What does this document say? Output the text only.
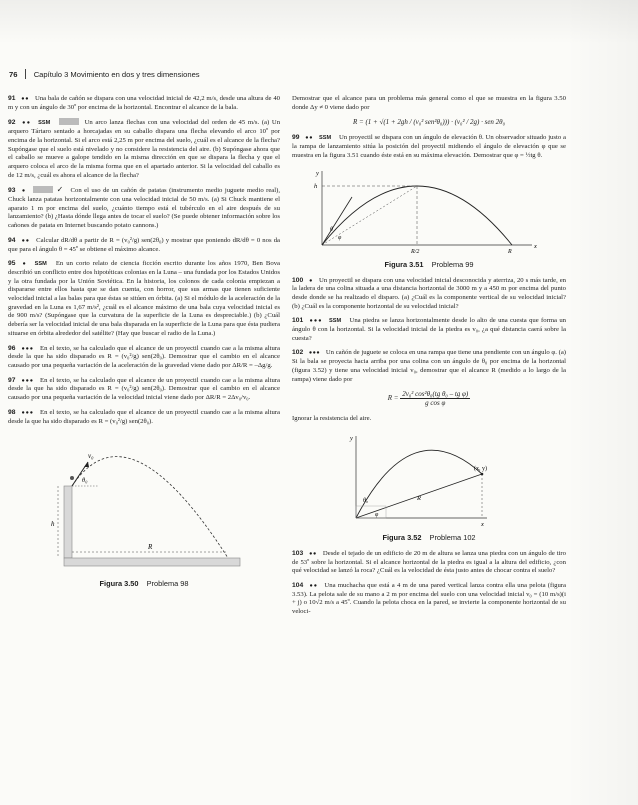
76 Capítulo 3 Movimiento en dos y tres dimensiones

91 ●● Una bala de cañón se dispara con una velocidad inicial de 42,2 m/s, desde una altura de 40 m y con un ángulo de 30º por encima de la horizontal. Encontrar el alcance de la bala.

92 ●● SSM	Un arco lanza flechas con una velocidad del orden de 45 m/s. (a) Un arquero Tártaro sentado a horcajadas en su caballo dispara una flecha elevando el arco 10º por encima de la horizontal. Si el arco está 2,25 m por encima del suelo, ¿cuál es el alcance de la flecha? Supóngase que el suelo está nivelado y no considere la resistencia del aire. (b) Supóngase ahora que el caballo se mueve a galope tendido en la misma dirección en que se dispara la flecha y que el arquero coloca el arco de la misma forma que en el apartado anterior. Si la velocidad del caballo es de 12 m/s, ¿cuál es ahora el alcance de la flecha?

93 ●	✓ Con el uso de un cañón de patatas (instrumento medio juguete medio real), Chuck lanza patatas horizontalmente con una velocidad inicial de 50 m/s. (a) Si Chuck mantiene el aparato 1 m por encima del suelo, ¿cuánto tiempo está el tubérculo en el aire después de su lanzamiento? (b) ¿Hasta dónde llega antes de tocar el suelo? (Se puede obtener información sobre los cañones de patata en Internet buscando potato cannons.)

94 ●● Calcular dR/dθ a partir de R = (v₀²/g) sen(2θ₀) y mostrar que poniendo dR/dθ = 0 nos da que para el ángulo θ = 45º se obtiene el máximo alcance.

95 ● SSM En un corto relato de ciencia ficción escrito durante los años 1970, Ben Bova describió un conflicto entre dos hipotéticas colonias en la Luna – una fundada por los Estados Unidos y la otra fundada por la Unión Soviética. En la historia, los colonos de cada colonia empiezan a dispararse entre ellos hasta que se dan cuenta, con horror, que sus armas que tienen suficiente velocidad inicial a las balas para que éstas se sitúen en órbita. (a) Si el módulo de la aceleración de la gravedad en la Luna es 1,67 m/s², ¿cuál es el alcance máximo de una bala cuya velocidad inicial es de 900 m/s? (Supóngase que la curvatura de la superficie de la Luna es despreciable.) (b) ¿Cuál debería ser la velocidad inicial de una bala disparada en la superficie de la Luna para que ésta pudiera situarse en órbita alrededor del satélite? (Hay que buscar el radio de la Luna.)

96 ●●● En el texto, se ha calculado que el alcance de un proyectil cuando cae a la misma altura desde la que ha sido disparado es R = (v₀²/g) sen(2θ₀). Demostrar que el cambio en el alcance causado por una pequeña variación de la aceleración de la gravedad viene dado por ΔR/R = –Δg/g.

97 ●●● En el texto, se ha calculado que el alcance de un proyectil cuando cae a la misma altura desde la que ha sido disparado es R = (v₀²/g) sen(2θ₀). Demostrar que el cambio en el alcance causado por una pequeña variación de la velocidad inicial viene dado por ΔR/R = 2Δv₀/v₀.

98 ●●● En el texto, se ha calculado que el alcance de un proyectil cuando cae a la misma altura desde la que ha sido disparado es R = (v₀²/g) sen(2θ₀).

v₀
θ₀
h
R
Figura 3.50 Problema 98

Demostrar que el alcance para un problema más general como el que se muestra en la figura 3.50 donde Δy ≠ 0 viene dado por

R = (1 + √(1 + 2gh / (v₀² sen²θ₀))) · (v₀² / 2g) · sen 2θ₀

99 ●● SSM Un proyectil se dispara con un ángulo de elevación θ. Un observador situado justo a la rampa de lanzamiento sitúa la posición del proyectil midiendo el ángulo de elevación φ que se muestra en la figura 3.51 cuando éste está en su máxima elevación. Demostrar que φ = ½tg θ.

y
x
h
θ
φ
R/2	R
Figura 3.51 Problema 99

100 ● Un proyectil se dispara con una velocidad inicial desconocida y aterriza, 20 s más tarde, en la ladera de una colina situada a una distancia horizontal de 3000 m y a 450 m por encima del punto desde donde se ha realizado el disparo. (a) ¿Cuál es la componente vertical de su velocidad inicial? (b) ¿Cuál es la componente horizontal de su velocidad inicial?

101 ●●● SSM Una piedra se lanza horizontalmente desde lo alto de una cuesta que forma un ángulo θ con la horizontal. Si la velocidad inicial de la piedra es v₀, ¿a qué distancia caerá sobre la cuesta?

102 ●●● Un cañón de juguete se coloca en una rampa que tiene una pendiente con un ángulo φ. (a) Si la bala se proyecta hacia arriba por una colina con un ángulo de θ₀ por encima de la horizontal (figura 3.52) y tiene una velocidad inicial v₀, demostrar que el alcance R (medido a lo largo de la rampa) viene dado por

$R = \frac{\text{2v₀² cos²θ₀(tg θ₀ – tg φ)}}{\text{g cos φ}}$

Ignorar la resistencia del aire.

y
x
(x, y)
R
θ₀
φ
Figura 3.52 Problema 102

103 ●● Desde el tejado de un edificio de 20 m de altura se lanza una piedra con un ángulo de tiro de 53º sobre la horizontal. Si el alcance horizontal de la piedra es igual a la altura del edificio, ¿con qué velocidad se lanzó la roca? ¿Cuál es la velocidad de ésta justo antes de chocar contra el suelo?

104 ●● Una muchacha que está a 4 m de una pared vertical lanza contra ella una pelota (figura 3.53). La pelota sale de su mano a 2 m por encima del suelo con una velocidad inicial v₀ = (10 m/s)(i + j) o 10√2 m/s a 45º. Cuando la pelota choca en la pared, se invierte la componente horizontal de su veloci-
